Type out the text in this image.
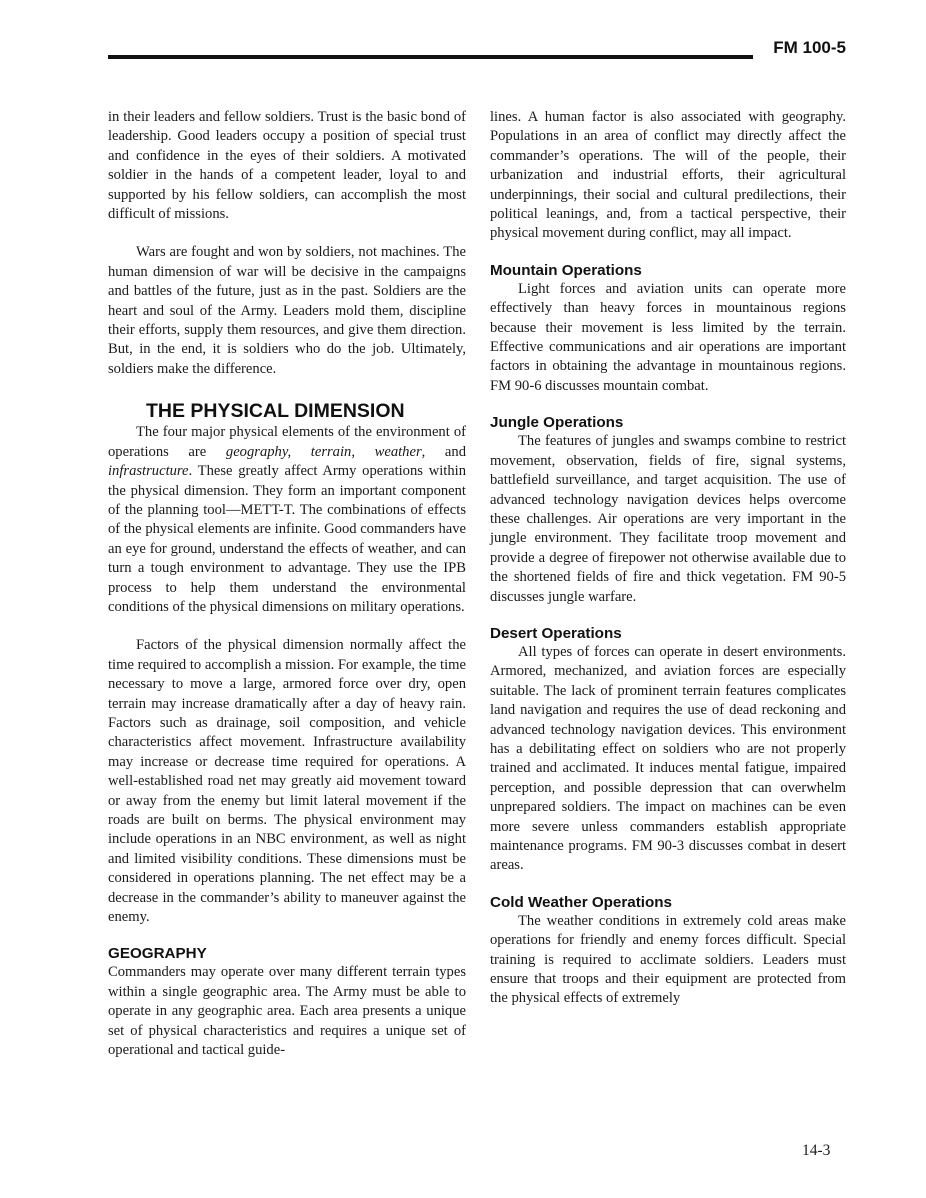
FM 100-5

in their leaders and fellow soldiers. Trust is the basic bond of leadership. Good leaders occupy a position of special trust and confidence in the eyes of their soldiers. A motivated soldier in the hands of a competent leader, loyal to and supported by his fellow soldiers, can accomplish the most difficult of missions.

Wars are fought and won by soldiers, not machines. The human dimension of war will be decisive in the campaigns and battles of the future, just as in the past. Soldiers are the heart and soul of the Army. Leaders mold them, discipline their efforts, supply them resources, and give them direction. But, in the end, it is soldiers who do the job. Ultimately, soldiers make the difference.

THE PHYSICAL DIMENSION

The four major physical elements of the environment of operations are geography, terrain, weather, and infrastructure. These greatly affect Army operations within the physical dimension. They form an important component of the planning tool—METT-T. The combinations of effects of the physical elements are infinite. Good commanders have an eye for ground, understand the effects of weather, and can turn a tough environment to advantage. They use the IPB process to help them understand the environmental conditions of the physical dimensions on military operations.

Factors of the physical dimension normally affect the time required to accomplish a mission. For example, the time necessary to move a large, armored force over dry, open terrain may increase dramatically after a day of heavy rain. Factors such as drainage, soil composition, and vehicle characteristics affect movement. Infrastructure availability may increase or decrease time required for operations. A well-established road net may greatly aid movement toward or away from the enemy but limit lateral movement if the roads are built on berms. The physical environment may include operations in an NBC environment, as well as night and limited visibility conditions. These dimensions must be considered in operations planning. The net effect may be a decrease in the commander’s ability to maneuver against the enemy.

GEOGRAPHY

Commanders may operate over many different terrain types within a single geographic area. The Army must be able to operate in any geographic area. Each area presents a unique set of physical characteristics and requires a unique set of operational and tactical guide-

lines. A human factor is also associated with geography. Populations in an area of conflict may directly affect the commander’s operations. The will of the people, their urbanization and industrial efforts, their agricultural underpinnings, their social and cultural predilections, their political leanings, and, from a tactical perspective, their physical movement during conflict, may all impact.

Mountain Operations

Light forces and aviation units can operate more effectively than heavy forces in mountainous regions because their movement is less limited by the terrain. Effective communications and air operations are important factors in obtaining the advantage in mountainous regions. FM 90-6 discusses mountain combat.

Jungle Operations

The features of jungles and swamps combine to restrict movement, observation, fields of fire, signal systems, battlefield surveillance, and target acquisition. The use of advanced technology navigation devices helps overcome these challenges. Air operations are very important in the jungle environment. They facilitate troop movement and provide a degree of firepower not otherwise available due to the shortened fields of fire and thick vegetation. FM 90-5 discusses jungle warfare.

Desert Operations

All types of forces can operate in desert environments. Armored, mechanized, and aviation forces are especially suitable. The lack of prominent terrain features complicates land navigation and requires the use of dead reckoning and advanced technology navigation devices. This environment has a debilitating effect on soldiers who are not properly trained and acclimated. It induces mental fatigue, impaired perception, and possible depression that can overwhelm unprepared soldiers. The impact on machines can be even more severe unless commanders establish appropriate maintenance programs. FM 90-3 discusses combat in desert areas.

Cold Weather Operations

The weather conditions in extremely cold areas make operations for friendly and enemy forces difficult. Special training is required to acclimate soldiers. Leaders must ensure that troops and their equipment are protected from the physical effects of extremely

14-3
